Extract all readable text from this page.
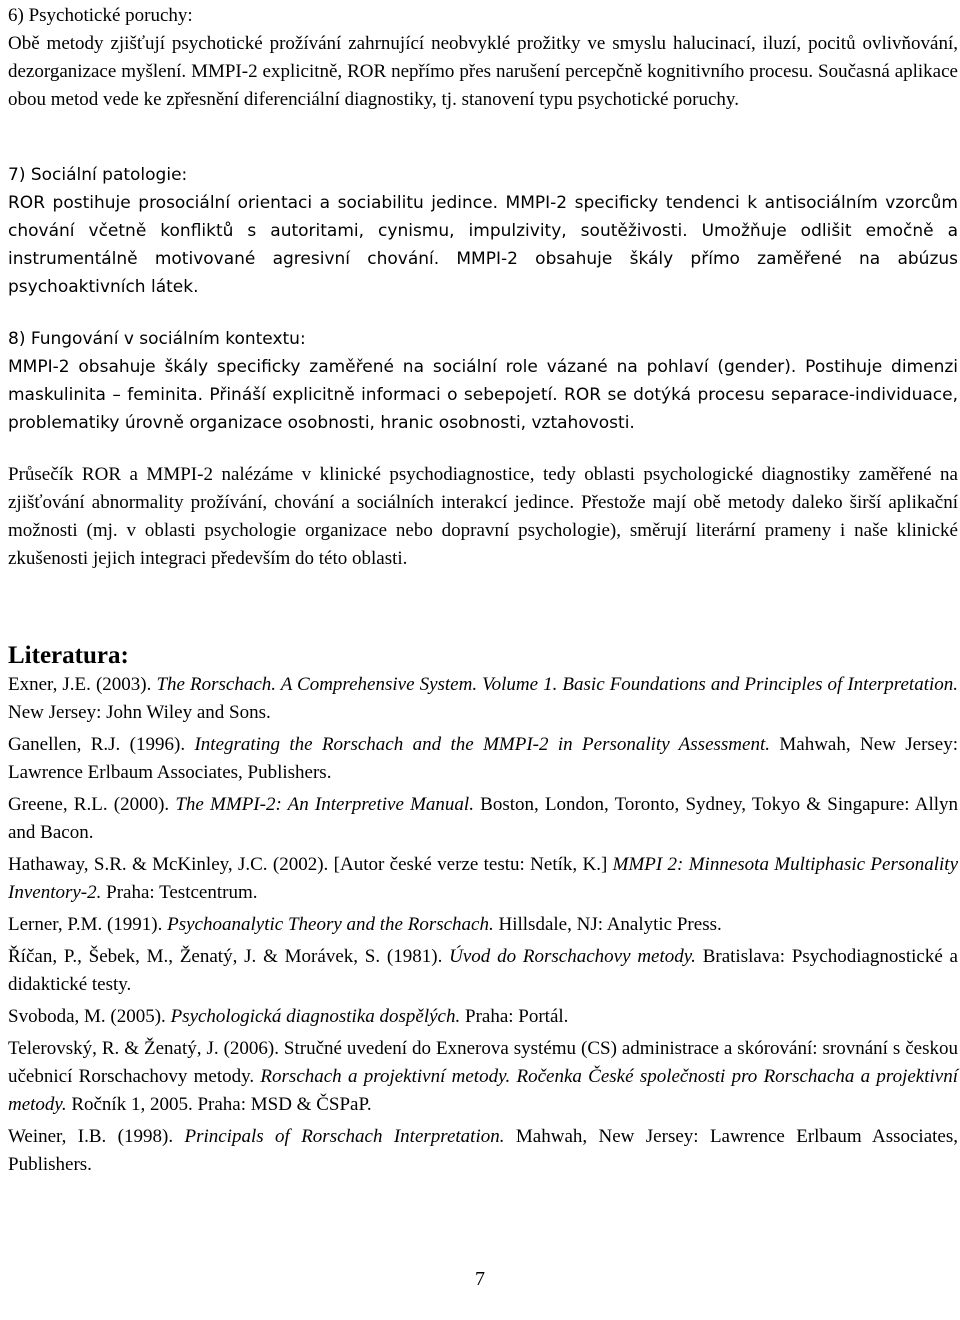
6) Psychotické poruchy:
Obě metody zjišťují psychotické prožívání zahrnující neobvyklé prožitky ve smyslu halucinací, iluzí, pocitů ovlivňování, dezorganizace myšlení. MMPI-2 explicitně, ROR nepřímo přes narušení percepčně kognitivního procesu. Současná aplikace obou metod vede ke zpřesnění diferenciální diagnostiky, tj. stanovení typu psychotické poruchy.
7) Sociální patologie:
ROR postihuje prosociální orientaci a sociabilitu jedince. MMPI-2 specificky tendenci k antisociálním vzorcům chování včetně konfliktů s autoritami, cynismu, impulzivity, soutěživosti. Umožňuje odlišit emočně a instrumentálně motivované agresivní chování. MMPI-2 obsahuje škály přímo zaměřené na abúzus psychoaktivních látek.
8) Fungování v sociálním kontextu:
MMPI-2 obsahuje škály specificky zaměřené na sociální role vázané na pohlaví (gender). Postihuje dimenzi maskulinita – feminita. Přináší explicitně informaci o sebepojetí. ROR se dotýká procesu separace-individuace, problematiky úrovně organizace osobnosti, hranic osobnosti, vztahovosti.

Průsečík ROR a MMPI-2 nalézáme v klinické psychodiagnostice, tedy oblasti psychologické diagnostiky zaměřené na zjišťování abnormality prožívání, chování a sociálních interakcí jedince. Přestože mají obě metody daleko širší aplikační možnosti (mj. v oblasti psychologie organizace nebo dopravní psychologie), směrují literární prameny i naše klinické zkušenosti jejich integraci především do této oblasti.

Literatura:

Exner, J.E. (2003). The Rorschach. A Comprehensive System. Volume 1. Basic Foundations and Principles of Interpretation. New Jersey: John Wiley and Sons.

Ganellen, R.J. (1996). Integrating the Rorschach and the MMPI-2 in Personality Assessment. Mahwah, New Jersey: Lawrence Erlbaum Associates, Publishers.

Greene, R.L. (2000). The MMPI-2: An Interpretive Manual. Boston, London, Toronto, Sydney, Tokyo & Singapure: Allyn and Bacon.

Hathaway, S.R. & McKinley, J.C. (2002). [Autor české verze testu: Netík, K.] MMPI 2: Minnesota Multiphasic Personality Inventory-2. Praha: Testcentrum.

Lerner, P.M. (1991). Psychoanalytic Theory and the Rorschach. Hillsdale, NJ: Analytic Press.

Říčan, P., Šebek, M., Ženatý, J. & Morávek, S. (1981). Úvod do Rorschachovy metody. Bratislava: Psychodiagnostické a didaktické testy.

Svoboda, M. (2005). Psychologická diagnostika dospělých. Praha: Portál.

Telerovský, R. & Ženatý, J. (2006). Stručné uvedení do Exnerova systému (CS) administrace a skórování: srovnání s českou učebnicí Rorschachovy metody. Rorschach a projektivní metody. Ročenka České společnosti pro Rorschacha a projektivní metody. Ročník 1, 2005. Praha: MSD & ČSPaP.

Weiner, I.B. (1998). Principals of Rorschach Interpretation. Mahwah, New Jersey: Lawrence Erlbaum Associates, Publishers.

7
